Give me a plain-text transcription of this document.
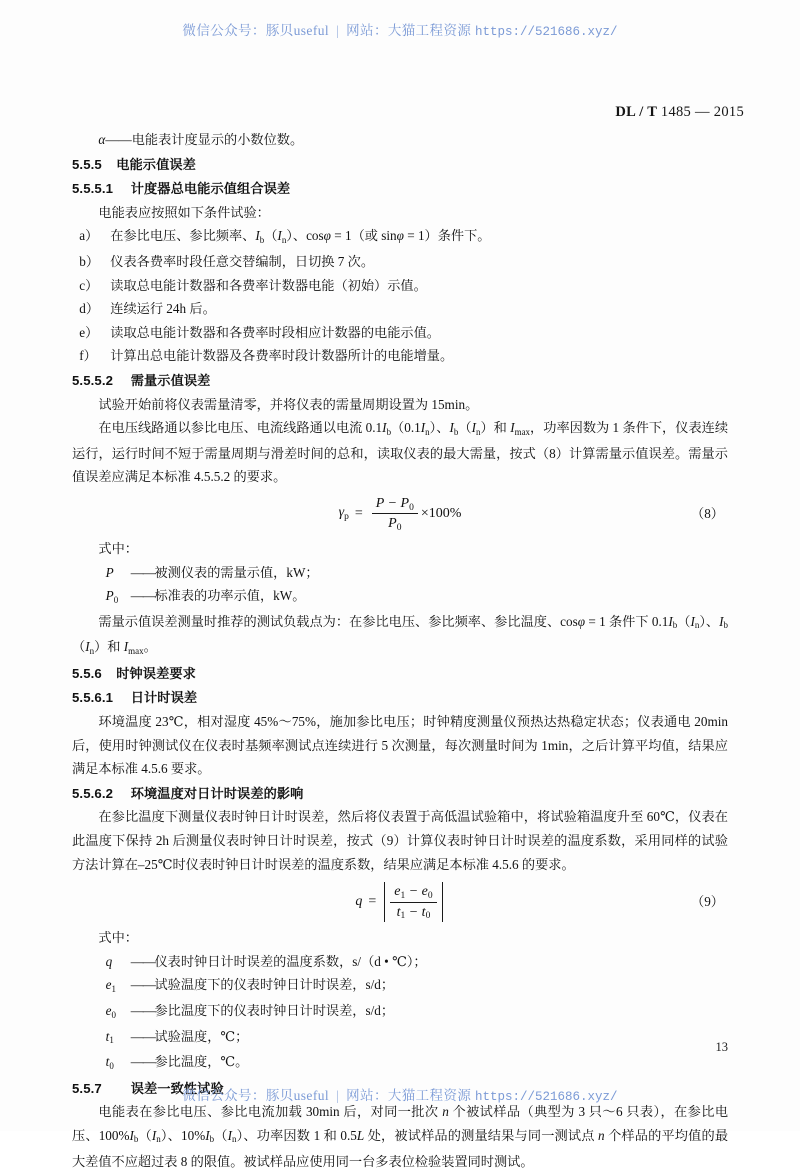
微信公众号：豚贝useful | 网站：大猫工程资源 https://521686.xyz/
DL / T 1485 — 2015
α——电能表计度显示的小数位数。
5.5.5 电能示值误差
5.5.5.1 计度器总电能示值组合误差
电能表应按照如下条件试验：
a） 在参比电压、参比频率、$I_b(I_n)$、cosφ = 1（或 sinφ = 1）条件下。
b） 仪表各费率时段任意交替编制，日切换 7 次。
c） 读取总电能计数器和各费率计数器电能（初始）示值。
d） 连续运行 24h 后。
e） 读取总电能计数器和各费率时段相应计数器的电能示值。
f）	计算出总电能计数器及各费率时段计数器所计的电能增量。
5.5.5.2 需量示值误差
试验开始前将仪表需量清零，并将仪表的需量周期设置为 15min。
在电压线路通以参比电压、电流线路通以电流 $0.1I_b(0.1I_n)$、$I_b(I_n)$和 $I_{max}$，功率因数为 1 条件下，仪表连续运行，运行时间不短于需量周期与滑差时间的总和，读取仪表的最大需量，按式（8）计算需量示值误差。需量示值误差应满足本标准 4.5.5.2 的要求。
$\gamma_p = \frac{P - P_0}{P_0} \times 100\%$	（8）
式中：
P	—— 被测仪表的需量示值，kW；
$P_0$ —— 标准表的功率示值，kW。
需量示值误差测量时推荐的测试负载点为：在参比电压、参比频率、参比温度、cosφ = 1 条件下 $0.1I_b(I_n)$、$I_b(I_n)$和 $I_{max}$。
5.5.6 时钟误差要求
5.5.6.1 日计时误差
环境温度 23℃，相对湿度 45%～75%，施加参比电压；时钟精度测量仪预热达热稳定状态；仪表通电 20min 后，使用时钟测试仪在仪表时基频率测试点连续进行 5 次测量，每次测量时间为 1min，之后计算平均值，结果应满足本标准 4.5.6 要求。
5.5.6.2 环境温度对日计时误差的影响
在参比温度下测量仪表时钟日计时误差，然后将仪表置于高低温试验箱中，将试验箱温度升至 60℃，仪表在此温度下保持 2h 后测量仪表时钟日计时误差，按式（9）计算仪表时钟日计时误差的温度系数，采用同样的试验方法计算在–25℃时仪表时钟日计时误差的温度系数，结果应满足本标准 4.5.6 的要求。
q =	$\frac{e_1 - e_0}{t_1 - t_0}$	（9）
式中：
q	—— 仪表时钟日计时误差的温度系数，s/（d • ℃）；
$e_1$	—— 试验温度下的仪表时钟日计时误差，s/d；
$e_0$	—— 参比温度下的仪表时钟日计时误差，s/d；
$t_1$	—— 试验温度，℃；
$t_0$	—— 参比温度，℃。
5.5.7 误差一致性试验
电能表在参比电压、参比电流加载 30min 后，对同一批次 n 个被试样品（典型为 3 只～6 只表），在参比电压、$100\%I_b(I_n)$、$10\%I_b(I_n)$、功率因数 1 和 0.5L 处，被试样品的测量结果与同一测试点 n 个样品的平均值的最大差值不应超过表 8 的限值。被试样品应使用同一台多表位检验装置同时测试。
13
微信公众号：豚贝useful | 网站：大猫工程资源 https://521686.xyz/
